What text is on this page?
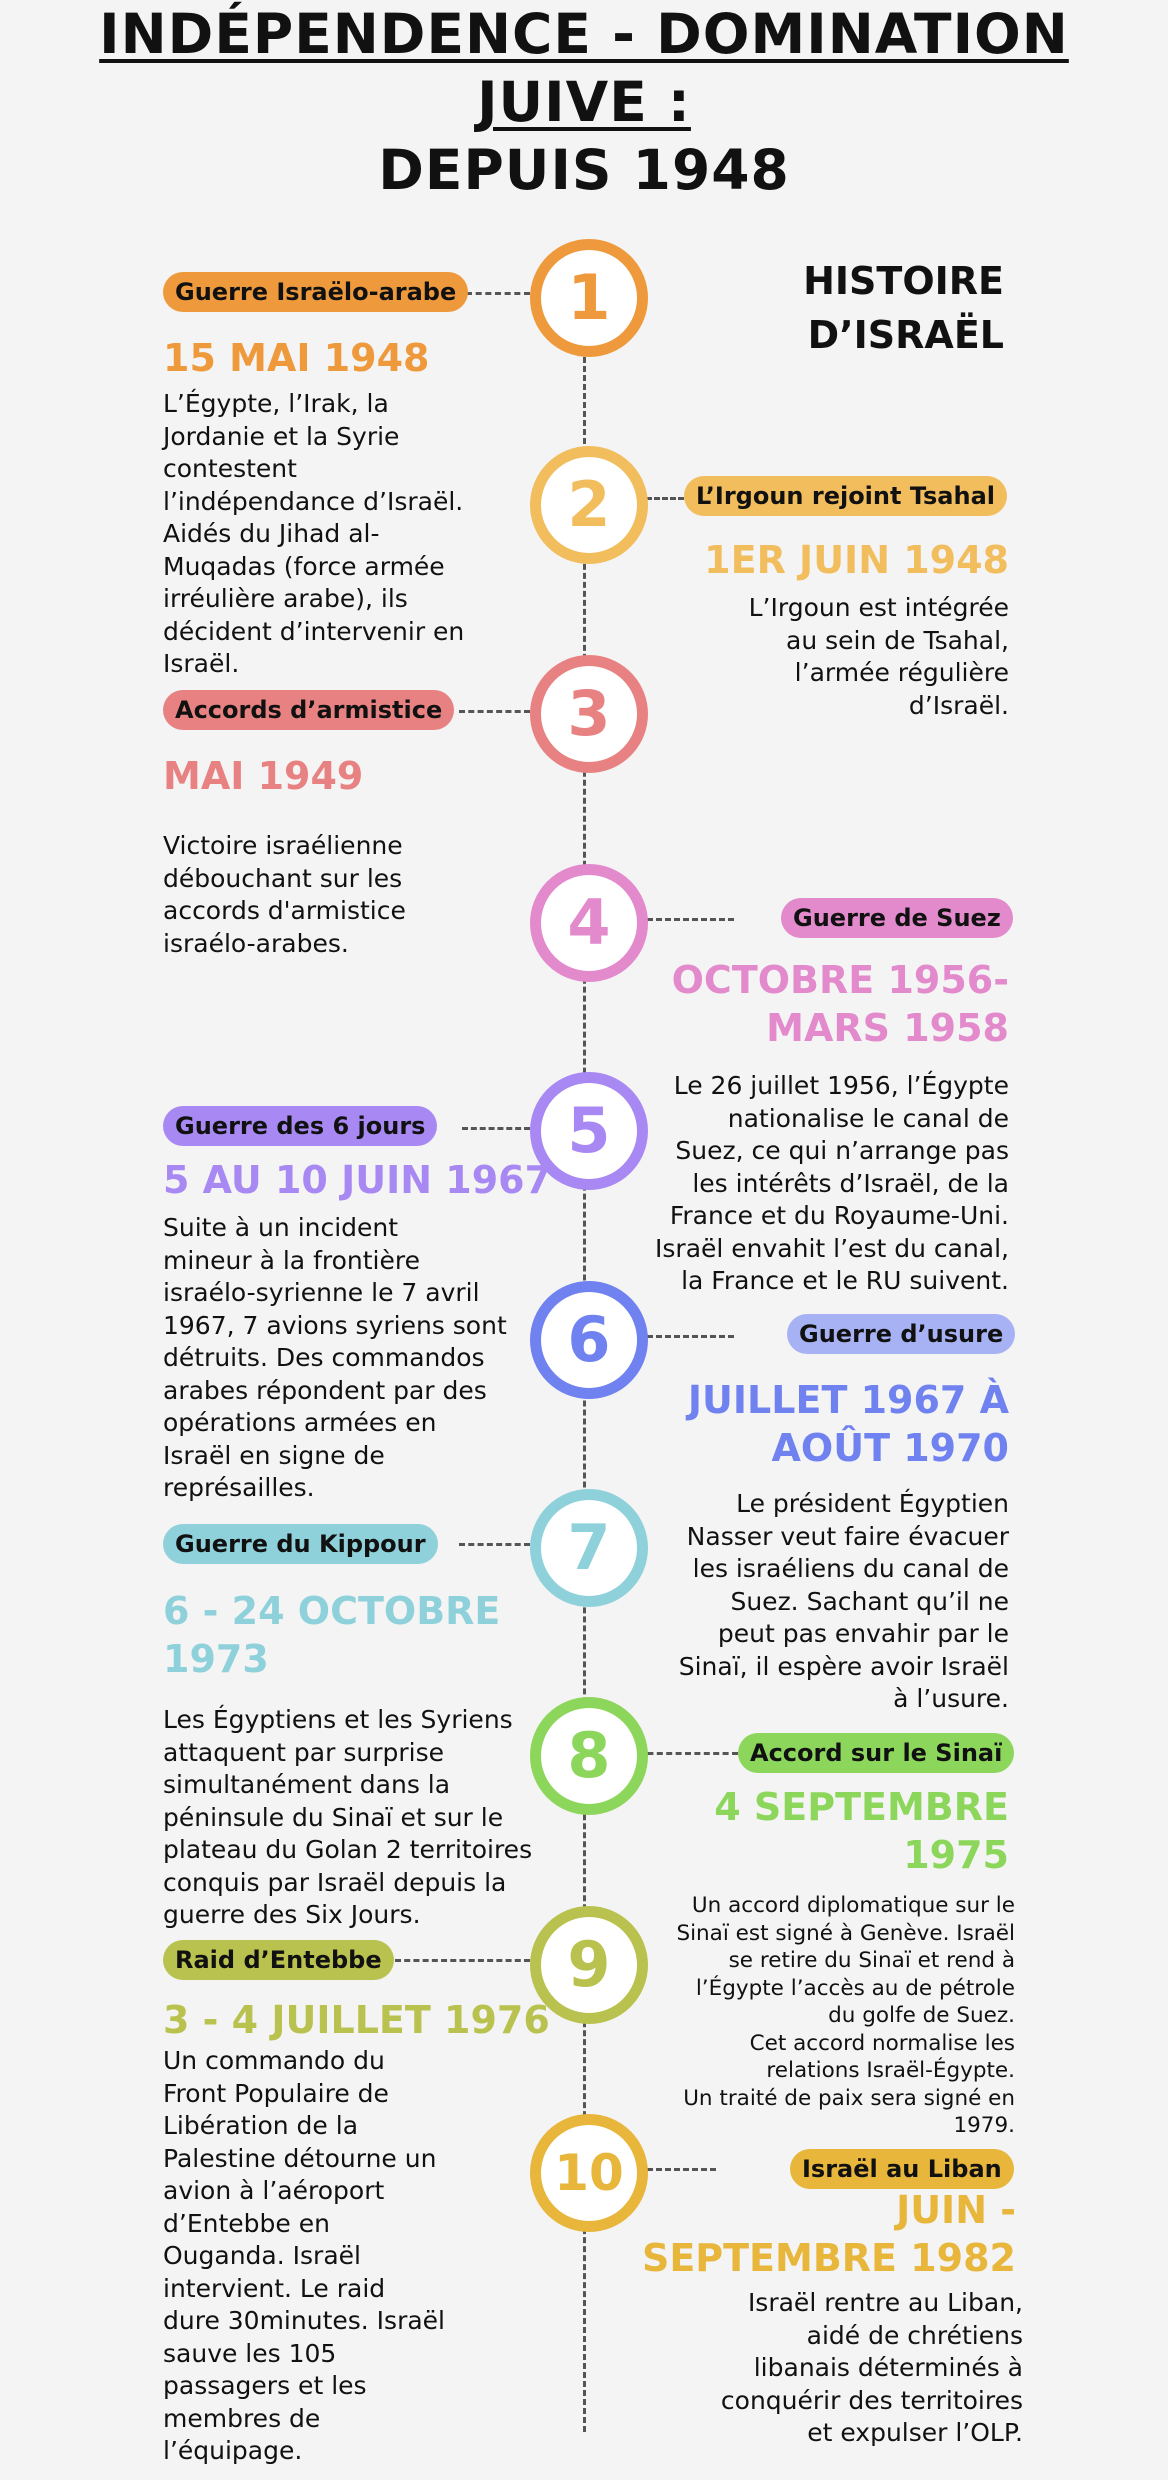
INDÉPENDENCE - DOMINATION
JUIVE :
DEPUIS 1948
HISTOIRE
D’ISRAËL
1
Guerre Israëlo-arabe
15 MAI 1948

L’Égypte, l’Irak, la
Jordanie et la Syrie
contestent
l’indépendance d’Israël.
Aidés du Jihad al-
Muqadas (force armée
irréulière arabe), ils
décident d’intervenir en
Israël.

2	L’Irgoun rejoint Tsahal
1ER JUIN 1948

L’Irgoun est intégrée
au sein de Tsahal,
l’armée régulière
d’Israël.

3
Accords d’armistice
MAI 1949

Victoire israélienne
débouchant sur les
accords d'armistice
israélo-arabes.	4	Guerre de Suez
OCTOBRE 1956-
MARS 1958

Le 26 juillet 1956, l’Égypte
nationalise le canal de
Suez, ce qui n’arrange pas
les intérêts d’Israël, de la
France et du Royaume-Uni.
Israël envahit l’est du canal,
la France et le RU suivent.

5
Guerre des 6 jours
5 AU 10 JUIN 1967

Suite à un incident
mineur à la frontière
israélo-syrienne le 7 avril
1967, 7 avions syriens sont
détruits. Des commandos
arabes répondent par des
opérations armées en
Israël en signe de
représailles.

6	Guerre d’usure
JUILLET 1967 À
AOÛT 1970

Le président Égyptien
Nasser veut faire évacuer
les israéliens du canal de
Suez. Sachant qu’il ne
peut pas envahir par le
Sinaï, il espère avoir Israël
à l’usure.

7
Guerre du Kippour
6 - 24 OCTOBRE
1973

Les Égyptiens et les Syriens
attaquent par surprise
simultanément dans la
péninsule du Sinaï et sur le
plateau du Golan 2 territoires
conquis par Israël depuis la
guerre des Six Jours.

8	Accord sur le Sinaï
4 SEPTEMBRE
1975

Un accord diplomatique sur le
Sinaï est signé à Genève. Israël
se retire du Sinaï et rend à
l’Égypte l’accès au de pétrole
du golfe de Suez.
Cet accord normalise les
relations Israël-Égypte.
Un traité de paix sera signé en
1979.

9
Raid d’Entebbe
3 - 4 JUILLET 1976

Un commando du
Front Populaire de
Libération de la
Palestine détourne un
avion à l’aéroport
d’Entebbe en
Ouganda. Israël
intervient. Le raid
dure 30minutes. Israël
sauve les 105
passagers et les
membres de
l’équipage.

10	Israël au Liban
JUIN -
SEPTEMBRE 1982

Israël rentre au Liban,
aidé de chrétiens
libanais déterminés à
conquérir des territoires
et expulser l’OLP.
